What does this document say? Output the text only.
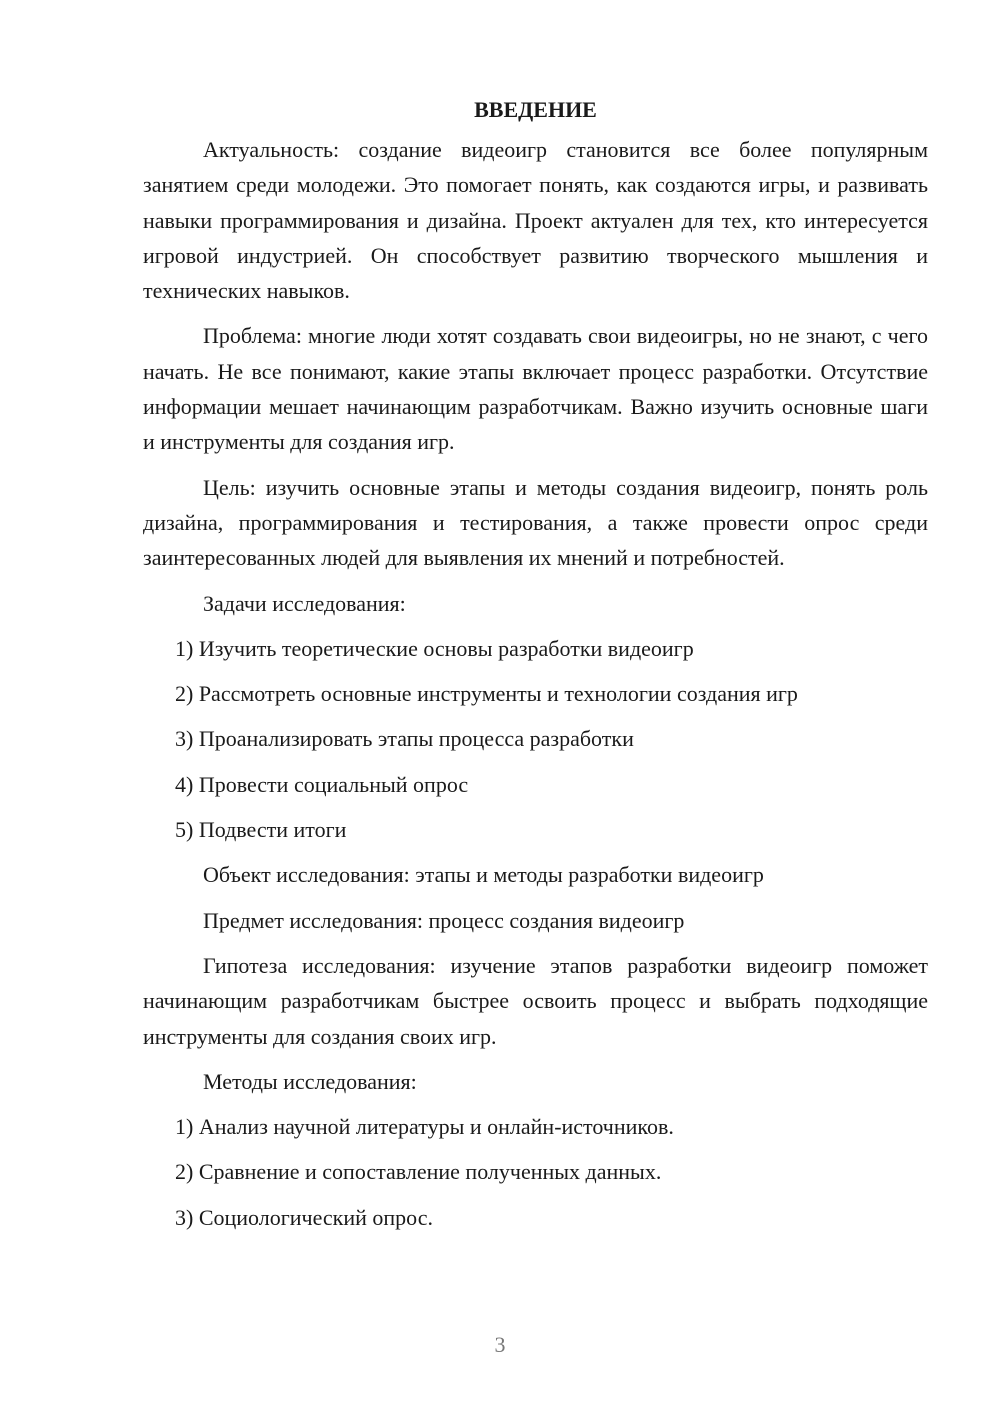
ВВЕДЕНИЕ

Актуальность: создание видеоигр становится все более популярным занятием среди молодежи. Это помогает понять, как создаются игры, и развивать навыки программирования и дизайна. Проект актуален для тех, кто интересуется игровой индустрией. Он способствует развитию творческого мышления и технических навыков.

Проблема: многие люди хотят создавать свои видеоигры, но не знают, с чего начать. Не все понимают, какие этапы включает процесс разработки. Отсутствие информации мешает начинающим разработчикам. Важно изучить основные шаги и инструменты для создания игр.

Цель: изучить основные этапы и методы создания видеоигр, понять роль дизайна, программирования и тестирования, а также провести опрос среди заинтересованных людей для выявления их мнений и потребностей.

Задачи исследования:

1) Изучить теоретические основы разработки видеоигр
2) Рассмотреть основные инструменты и технологии создания игр
3) Проанализировать этапы процесса разработки
4) Провести социальный опрос
5) Подвести итоги

Объект исследования: этапы и методы разработки видеоигр

Предмет исследования: процесс создания видеоигр

Гипотеза исследования: изучение этапов разработки видеоигр поможет начинающим разработчикам быстрее освоить процесс и выбрать подходящие инструменты для создания своих игр.

Методы исследования:

1) Анализ научной литературы и онлайн-источников.
2) Сравнение и сопоставление полученных данных.
3) Социологический опрос.
3
